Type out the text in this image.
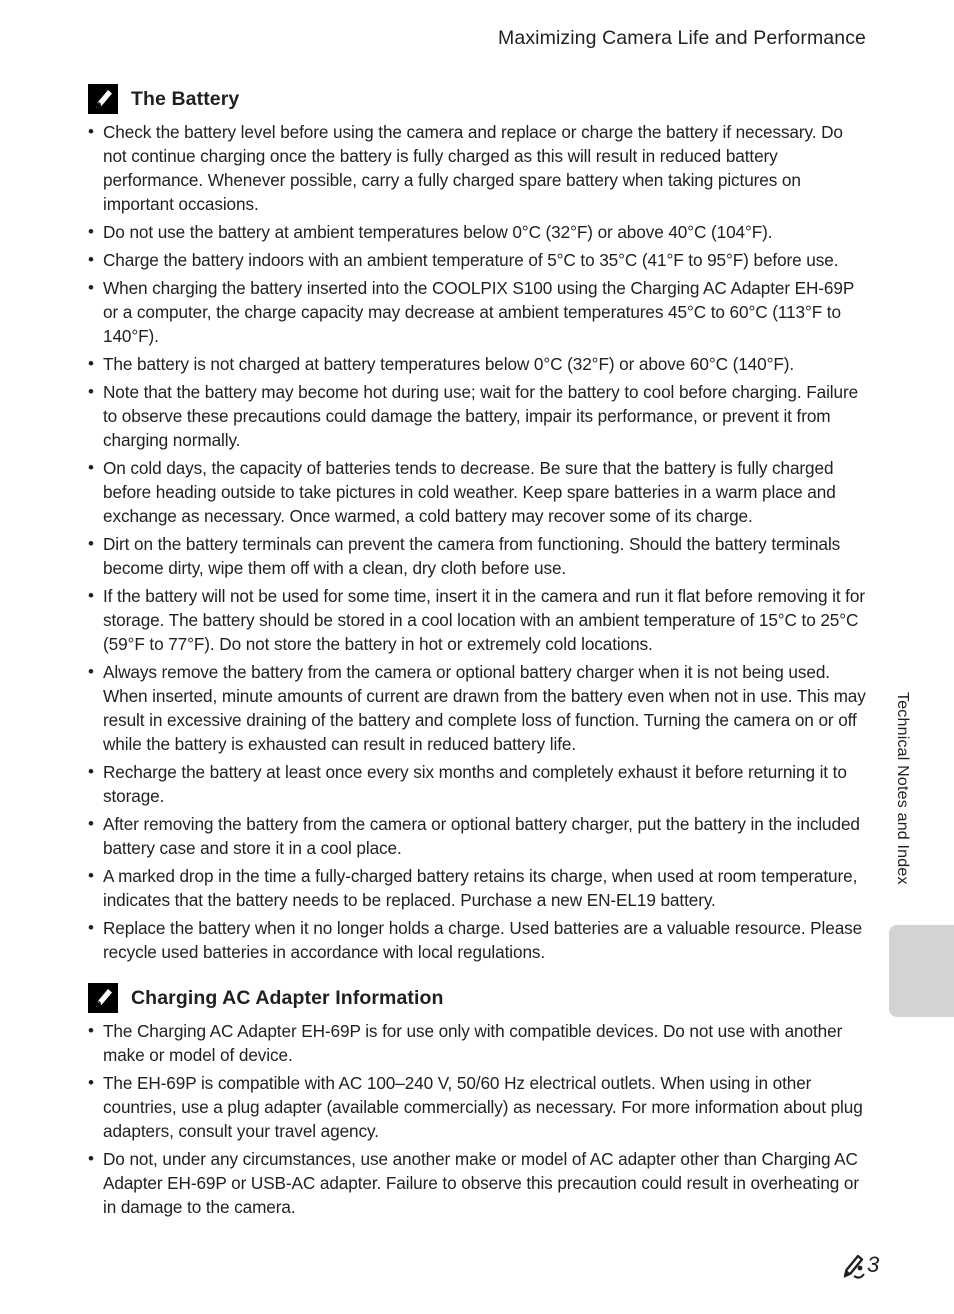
Maximizing Camera Life and Performance
The Battery
• Check the battery level before using the camera and replace or charge the battery if necessary. Do not continue charging once the battery is fully charged as this will result in reduced battery performance. Whenever possible, carry a fully charged spare battery when taking pictures on important occasions.
• Do not use the battery at ambient temperatures below 0°C (32°F) or above 40°C (104°F).
• Charge the battery indoors with an ambient temperature of 5°C to 35°C (41°F to 95°F) before use.
• When charging the battery inserted into the COOLPIX S100 using the Charging AC Adapter EH-69P or a computer, the charge capacity may decrease at ambient temperatures 45°C to 60°C (113°F to 140°F).
• The battery is not charged at battery temperatures below 0°C (32°F) or above 60°C (140°F).
• Note that the battery may become hot during use; wait for the battery to cool before charging. Failure to observe these precautions could damage the battery, impair its performance, or prevent it from charging normally.
• On cold days, the capacity of batteries tends to decrease. Be sure that the battery is fully charged before heading outside to take pictures in cold weather. Keep spare batteries in a warm place and exchange as necessary. Once warmed, a cold battery may recover some of its charge.
• Dirt on the battery terminals can prevent the camera from functioning. Should the battery terminals become dirty, wipe them off with a clean, dry cloth before use.
• If the battery will not be used for some time, insert it in the camera and run it flat before removing it for storage. The battery should be stored in a cool location with an ambient temperature of 15°C to 25°C (59°F to 77°F). Do not store the battery in hot or extremely cold locations.
• Always remove the battery from the camera or optional battery charger when it is not being used. When inserted, minute amounts of current are drawn from the battery even when not in use. This may result in excessive draining of the battery and complete loss of function. Turning the camera on or off while the battery is exhausted can result in reduced battery life.
• Recharge the battery at least once every six months and completely exhaust it before returning it to storage.
• After removing the battery from the camera or optional battery charger, put the battery in the included battery case and store it in a cool place.
• A marked drop in the time a fully-charged battery retains its charge, when used at room temperature, indicates that the battery needs to be replaced. Purchase a new EN-EL19 battery.
• Replace the battery when it no longer holds a charge. Used batteries are a valuable resource. Please recycle used batteries in accordance with local regulations.
Charging AC Adapter Information
• The Charging AC Adapter EH-69P is for use only with compatible devices. Do not use with another make or model of device.
• The EH-69P is compatible with AC 100–240 V, 50/60 Hz electrical outlets. When using in other countries, use a plug adapter (available commercially) as necessary. For more information about plug adapters, consult your travel agency.
• Do not, under any circumstances, use another make or model of AC adapter other than Charging AC Adapter EH-69P or USB-AC adapter. Failure to observe this precaution could result in overheating or in damage to the camera.
Technical Notes and Index
3
